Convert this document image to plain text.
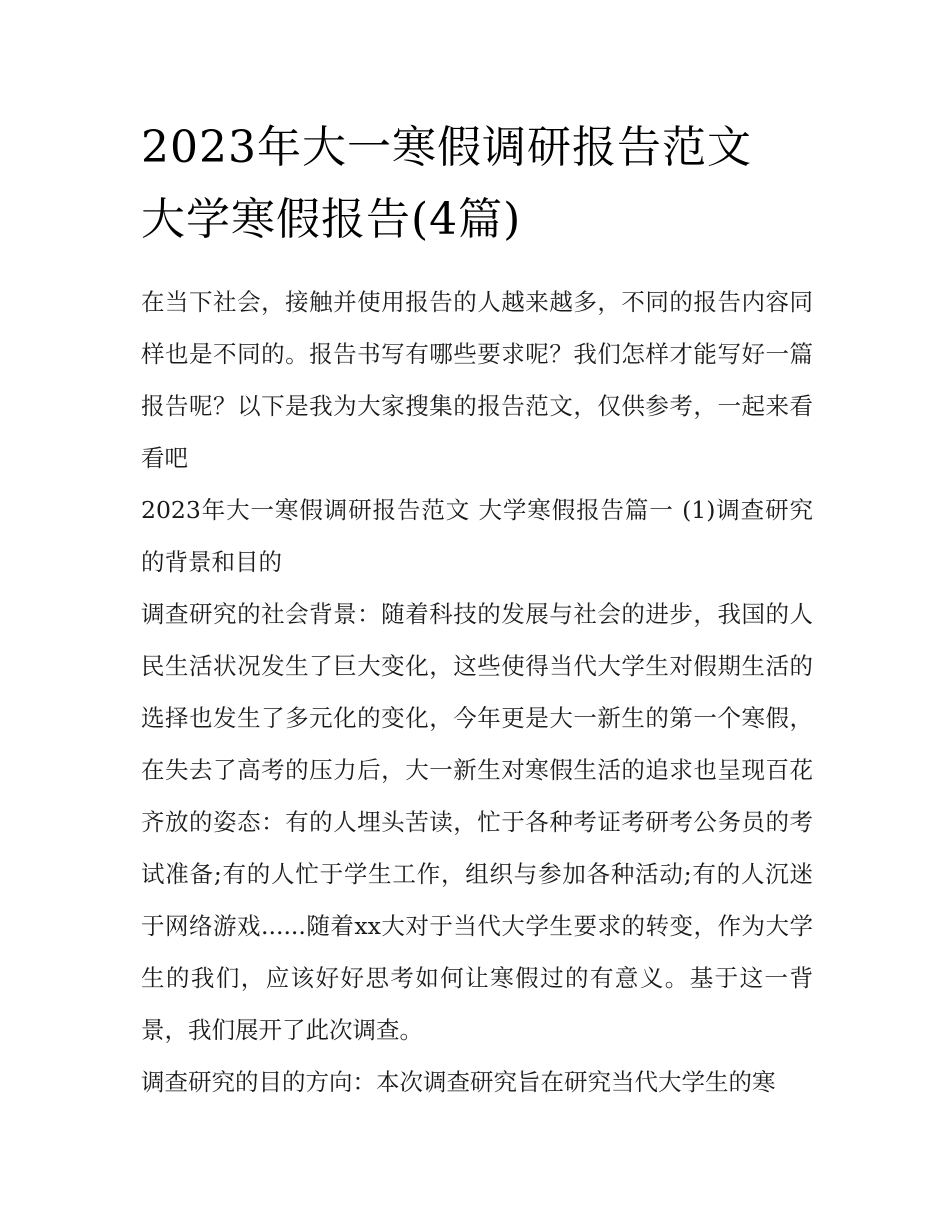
2023年大一寒假调研报告范文
大学寒假报告(4篇)

在当下社会，接触并使用报告的人越来越多，不同的报告内容同样也是不同的。报告书写有哪些要求呢？我们怎样才能写好一篇报告呢？以下是我为大家搜集的报告范文，仅供参考，一起来看看吧

2023年大一寒假调研报告范文 大学寒假报告篇一 (1)调查研究的背景和目的

调查研究的社会背景：随着科技的发展与社会的进步，我国的人民生活状况发生了巨大变化，这些使得当代大学生对假期生活的选择也发生了多元化的变化，今年更是大一新生的第一个寒假，在失去了高考的压力后，大一新生对寒假生活的追求也呈现百花齐放的姿态：有的人埋头苦读，忙于各种考证考研考公务员的考试准备;有的人忙于学生工作，组织与参加各种活动;有的人沉迷于网络游戏......随着xx大对于当代大学生要求的转变，作为大学生的我们，应该好好思考如何让寒假过的有意义。基于这一背景，我们展开了此次调查。

调查研究的目的方向：本次调查研究旨在研究当代大学生的寒
